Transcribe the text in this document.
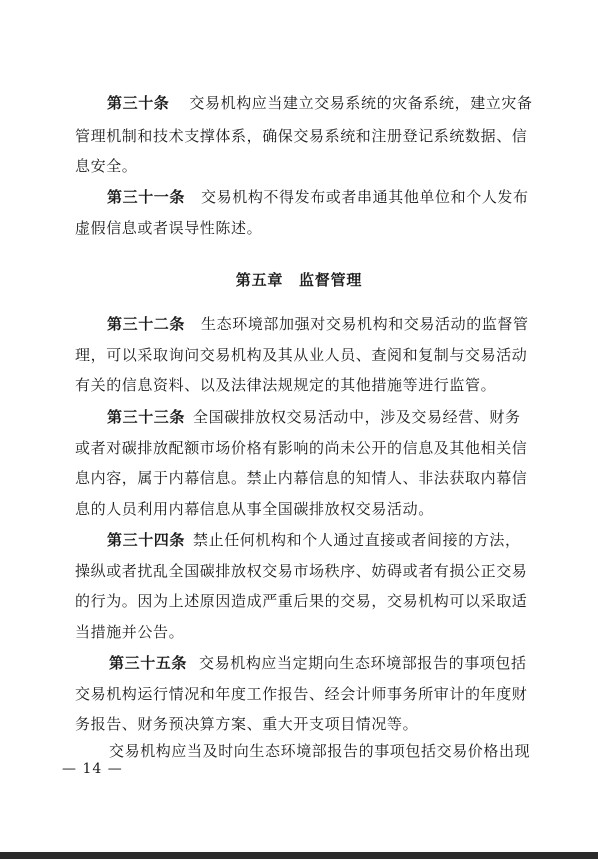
第三十条 交易机构应当建立交易系统的灾备系统，建立灾备
管理机制和技术支撑体系，确保交易系统和注册登记系统数据、信
息安全。
第三十一条 交易机构不得发布或者串通其他单位和个人发布
虚假信息或者误导性陈述。
第五章　监督管理
第三十二条 生态环境部加强对交易机构和交易活动的监督管
理，可以采取询问交易机构及其从业人员、查阅和复制与交易活动
有关的信息资料、以及法律法规规定的其他措施等进行监管。
第三十三条 全国碳排放权交易活动中，涉及交易经营、财务
或者对碳排放配额市场价格有影响的尚未公开的信息及其他相关信
息内容，属于内幕信息。禁止内幕信息的知情人、非法获取内幕信
息的人员利用内幕信息从事全国碳排放权交易活动。
第三十四条 禁止任何机构和个人通过直接或者间接的方法，
操纵或者扰乱全国碳排放权交易市场秩序、妨碍或者有损公正交易
的行为。因为上述原因造成严重后果的交易，交易机构可以采取适
当措施并公告。
第三十五条 交易机构应当定期向生态环境部报告的事项包括
交易机构运行情况和年度工作报告、经会计师事务所审计的年度财
务报告、财务预决算方案、重大开支项目情况等。
交易机构应当及时向生态环境部报告的事项包括交易价格出现
— 14 —
